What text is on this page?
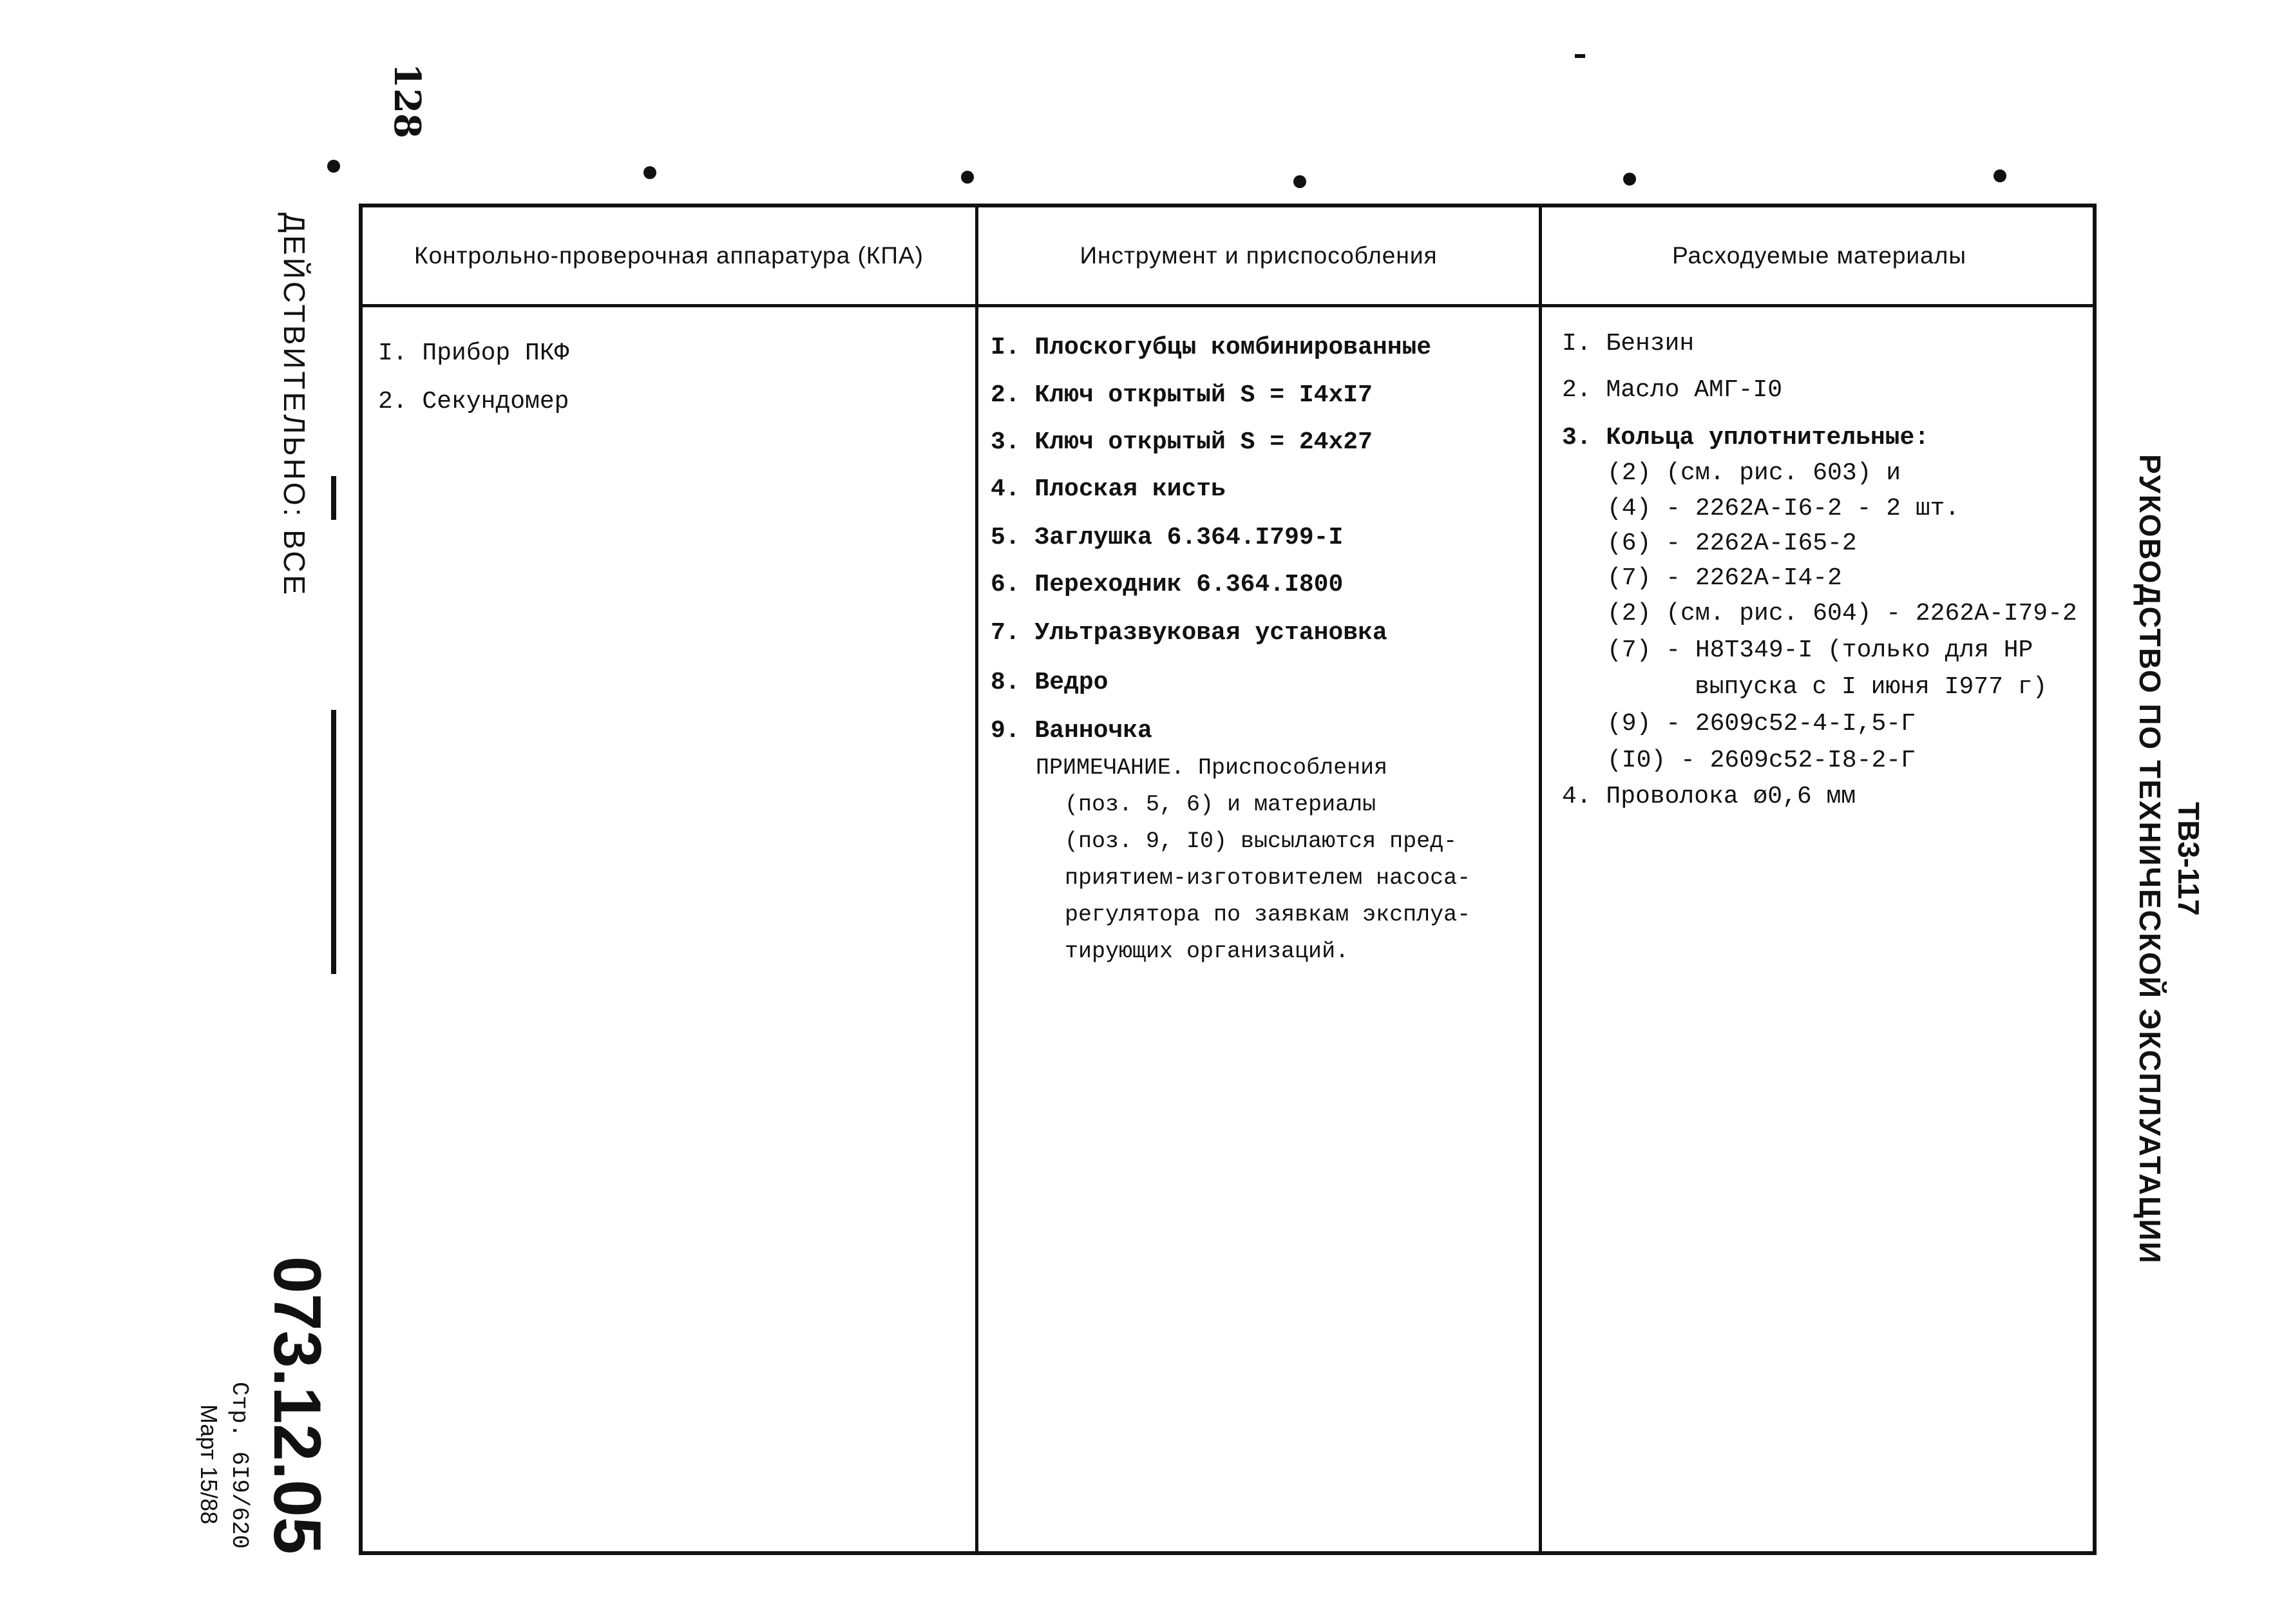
128
ДЕЙСТВИТЕЛЬНО: ВСЕ
073.12.05
Стр. 6I9/620
Март 15/88
РУКОВОДСТВО ПО ТЕХНИЧЕСКОЙ ЭКСПЛУАТАЦИИ ТВ3-117
Контрольно-проверочная аппаратура (КПА)	Инструмент и приспособления	Расходуемые материалы
I. Прибор ПКФ
2. Секундомер
I. Плоскогубцы комбинированные
2. Ключ открытый S = I4xI7
3. Ключ открытый S = 24x27
4. Плоская кисть
5. Заглушка 6.364.I799-I
6. Переходник 6.364.I800
7. Ультразвуковая установка
8. Ведро
9. Ванночка
ПРИМЕЧАНИЕ. Приспособления
(поз. 5, 6) и материалы
(поз. 9, I0) высылаются пред-
приятием-изготовителем насоса-
регулятора по заявкам эксплуа-
тирующих организаций.
I. Бензин
2. Масло АМГ-I0
3. Кольца уплотнительные:
(2) (см. рис. 603) и
(4) - 2262А-I6-2 - 2 шт.
(6) - 2262А-I65-2
(7) - 2262А-I4-2
(2) (см. рис. 604) - 2262А-I79-2
(7) - Н8Т349-I (только для НР
выпуска с I июня I977 г)
(9) - 2609с52-4-I,5-Г
(I0) - 2609с52-I8-2-Г
4. Проволока ø0,6 мм
